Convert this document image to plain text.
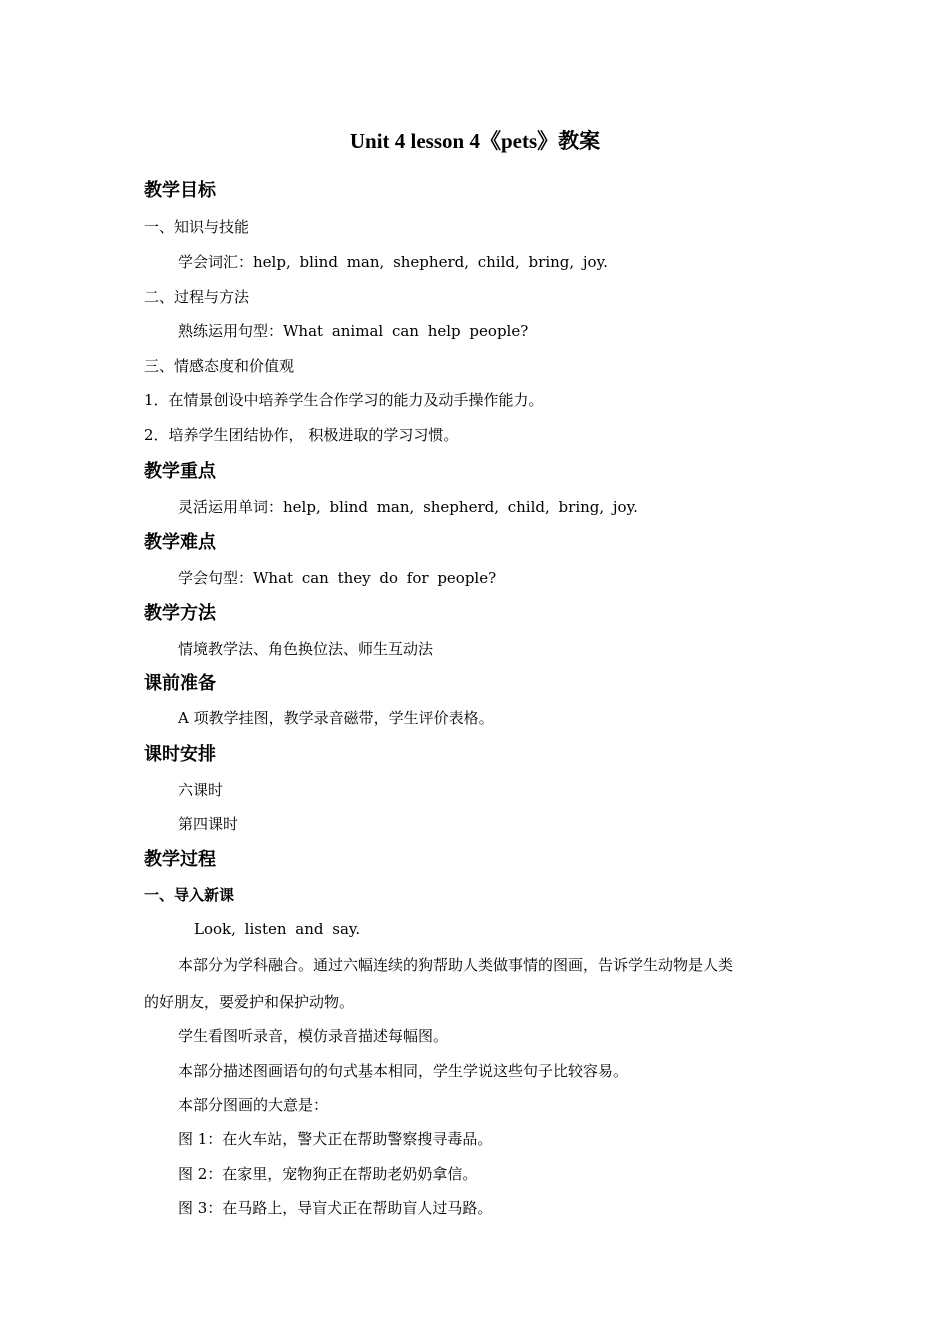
Unit 4 lesson 4《pets》教案
教学目标
一、知识与技能
学会词汇：help, blind man, shepherd, child, bring, joy.
二、过程与方法
熟练运用句型：What animal can help people?
三、情感态度和价值观
1．在情景创设中培养学生合作学习的能力及动手操作能力。
2．培养学生团结协作， 积极进取的学习习惯。
教学重点
灵活运用单词：help, blind man, shepherd, child, bring, joy.
教学难点
学会句型：What can they do for people?
教学方法
情境教学法、角色换位法、师生互动法
课前准备
A 项教学挂图，教学录音磁带，学生评价表格。
课时安排
六课时
第四课时
教学过程
一、导入新课
Look, listen and say.
本部分为学科融合。通过六幅连续的狗帮助人类做事情的图画，告诉学生动物是人类
的好朋友，要爱护和保护动物。
学生看图听录音，模仿录音描述每幅图。
本部分描述图画语句的句式基本相同，学生学说这些句子比较容易。
本部分图画的大意是：
图 1：在火车站，警犬正在帮助警察搜寻毒品。
图 2：在家里，宠物狗正在帮助老奶奶拿信。
图 3：在马路上，导盲犬正在帮助盲人过马路。
